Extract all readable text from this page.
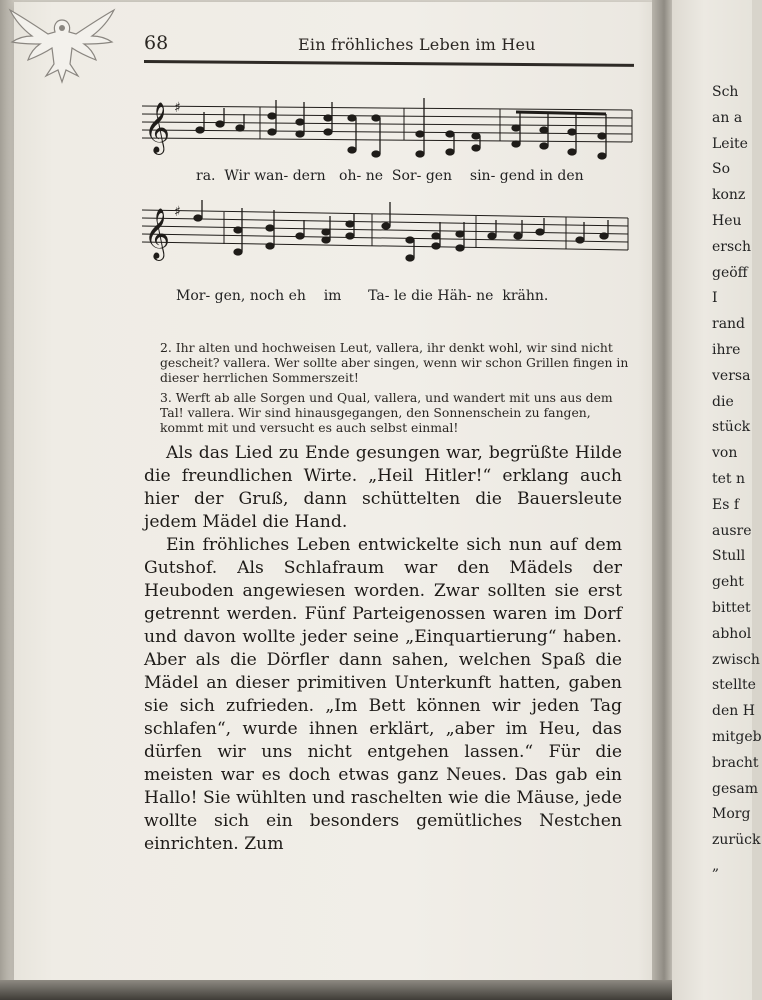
68	Ein fröhliches Leben im Heu
𝄞 ♯
ra. Wir wan- dern oh- ne Sor- gen sin- gend in den
𝄞 ♯
Mor- gen, noch eh im Ta- le die Häh- ne krähn.

2. Ihr alten und hochweisen Leut, vallera, ihr denkt wohl, wir sind nicht gescheit? vallera. Wer sollte aber singen, wenn wir schon Grillen fingen in dieser herrlichen Sommerszeit!

3. Werft ab alle Sorgen und Qual, vallera, und wandert mit uns aus dem Tal! vallera. Wir sind hinausgegangen, den Sonnenschein zu fangen, kommt mit und versucht es auch selbst einmal!

Als das Lied zu Ende gesungen war, begrüßte Hilde die freundlichen Wirte. „Heil Hitler!“ erklang auch hier der Gruß, dann schüttelten die Bauersleute jedem Mädel die Hand.

Ein fröhliches Leben entwickelte sich nun auf dem Gutshof. Als Schlafraum war den Mädels der Heuboden angewiesen worden. Zwar sollten sie erst getrennt werden. Fünf Parteigenossen waren im Dorf und davon wollte jeder seine „Einquartierung“ haben. Aber als die Dörfler dann sahen, welchen Spaß die Mädel an dieser primitiven Unterkunft hatten, gaben sie sich zufrieden. „Im Bett können wir jeden Tag schlafen“, wurde ihnen erklärt, „aber im Heu, das dürfen wir uns nicht entgehen lassen.“ Für die meisten war es doch etwas ganz Neues. Das gab ein Hallo! Sie wühlten und raschelten wie die Mäuse, jede wollte sich ein besonders gemütliches Nestchen einrichten. Zum

Sch
an a
Leite
So
konz
Heu
ersch
geöff
I
rand
ihre
versa
die
stück
von
tet n
Es f
ausre
Stull
geht
bittet
abhol
zwisch
stellte
den H
mitgeb
bracht
gesam
Morg
zurück
„
